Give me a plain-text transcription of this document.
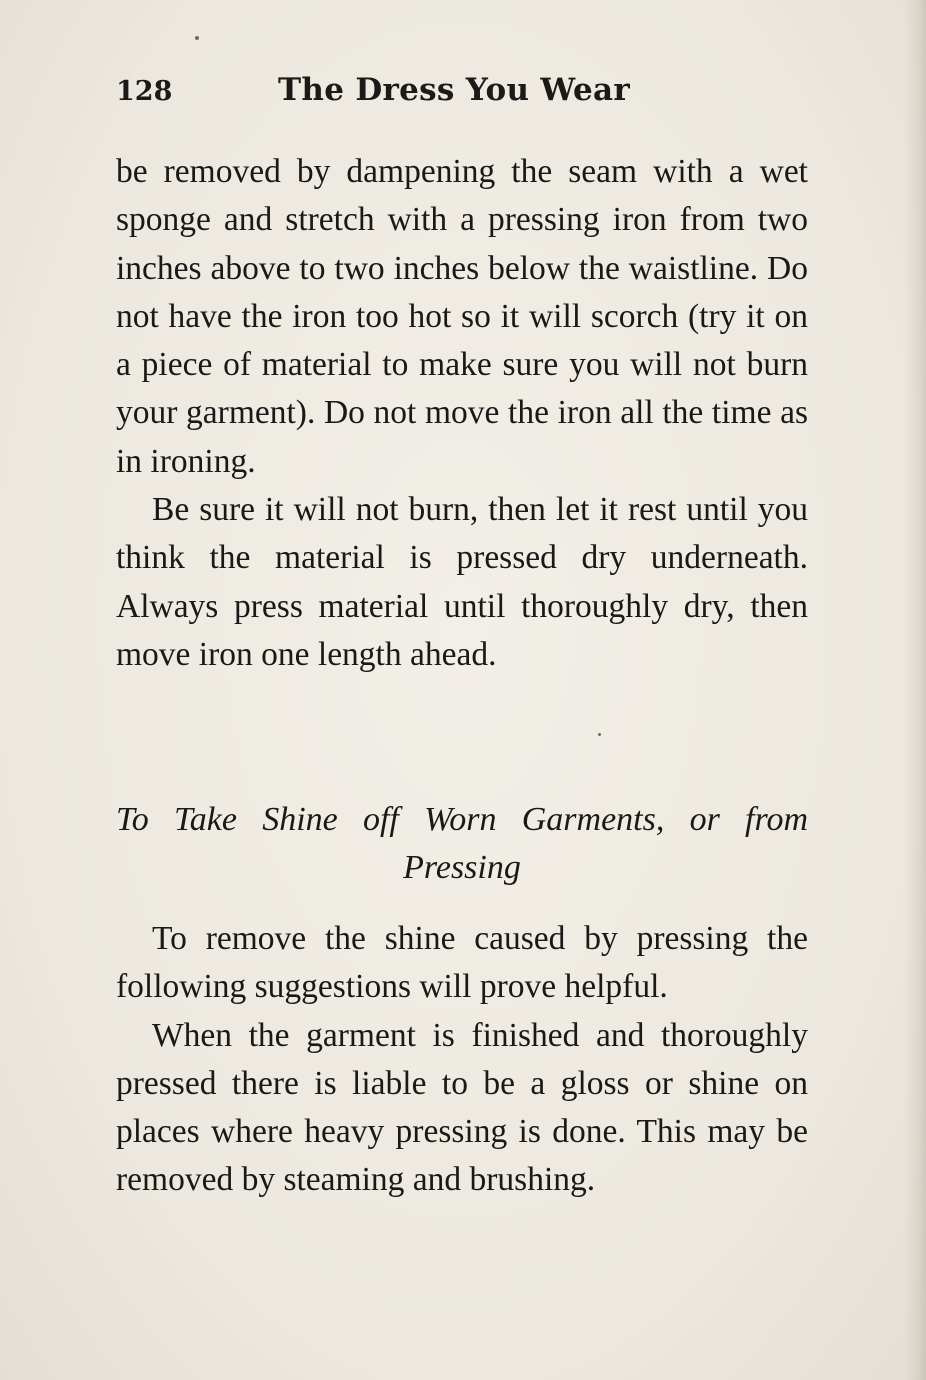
128	The Dress You Wear

be removed by dampening the seam with a wet sponge and stretch with a pressing iron from two inches above to two inches below the waistline. Do not have the iron too hot so it will scorch (try it on a piece of material to make sure you will not burn your garment). Do not move the iron all the time as in ironing.

Be sure it will not burn, then let it rest until you think the material is pressed dry underneath. Always press material until thoroughly dry, then move iron one length ahead.

To Take Shine off Worn Garments, or from
Pressing

To remove the shine caused by pressing the following suggestions will prove helpful.

When the garment is finished and thoroughly pressed there is liable to be a gloss or shine on places where heavy pressing is done. This may be removed by steaming and brushing.
